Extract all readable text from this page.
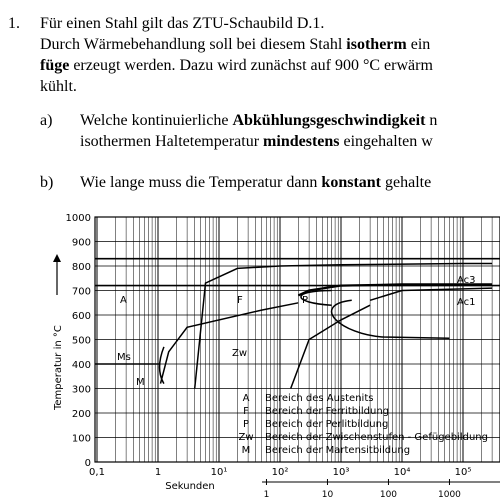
1. Für einen Stahl gilt das ZTU-Schaubild D.1.
Durch Wärmebehandlung soll bei diesem Stahl isotherm ein
füge erzeugt werden. Dazu wird zunächst auf 900 °C erwärm
kühlt.
a) Welche kontinuierliche Abkühlungsgeschwindigkeit n
isothermen Haltetemperatur mindestens eingehalten w
b) Wie lange muss die Temperatur dann konstant gehalte
0
100
200
300
400
500
600
700
800
900
1000
0,1	1	10¹	10²	10³	10⁴	10⁵
Sekunden
1	10	100	1000
Temperatur in °C
A	F	P
Zw
Ms
M
Ac3
Ac1
A Bereich des Austenits
F Bereich der Ferritbildung
P Bereich der Perlitbildung
Zw Bereich der Zwischenstufen - Gefügebildung
M Bereich der Martensitbildung
